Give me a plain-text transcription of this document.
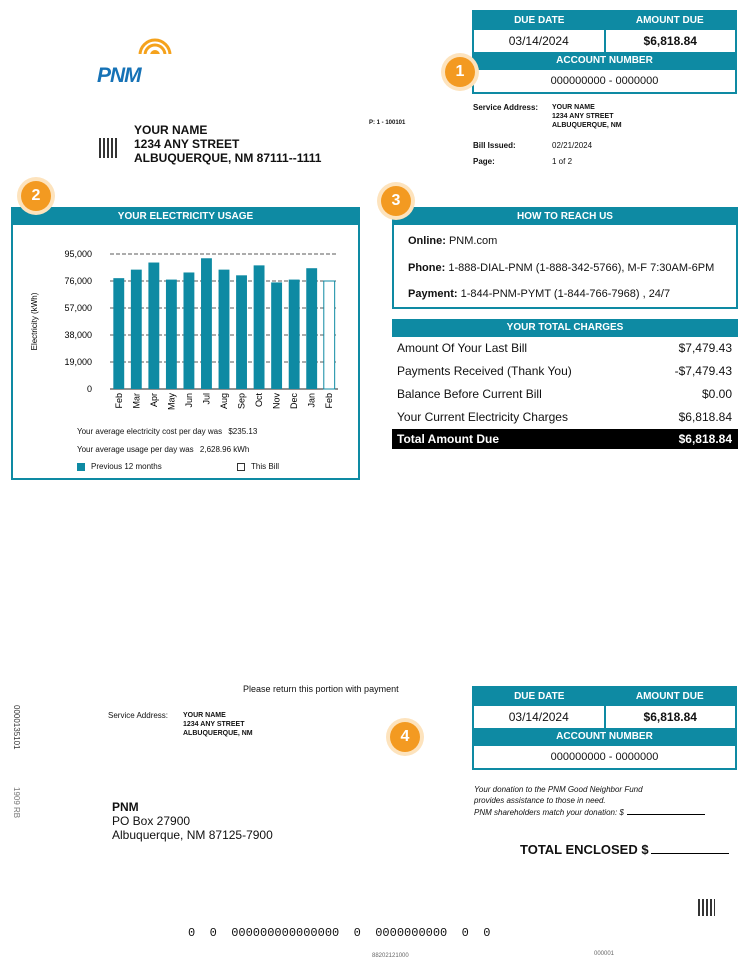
PNM
DUE DATE	AMOUNT DUE
03/14/2024	$6,818.84
ACCOUNT NUMBER
000000000 - 0000000
1
P: 1 - 100101
YOUR NAME
1234 ANY STREET
ALBUQUERQUE, NM 87111--1111
Service Address: YOUR NAME
1234 ANY STREET
ALBUQUERQUE, NM
Bill Issued:	02/21/2024
Page:	1 of 2
YOUR ELECTRICITY USAGE
95,000
76,000
57,000
38,000
19,000
0
Electricity (kWh)
Feb Mar Apr May Jun Jul Aug Sep Oct Nov Dec Jan Feb
Your average electricity cost per day was $235.13
Your average usage per day was 2,628.96 kWh
Previous 12 months	This Bill
2
HOW TO REACH US
Online: PNM.com
Phone: 1-888-DIAL-PNM (1-888-342-5766), M-F 7:30AM-6PM
Payment: 1-844-PNM-PYMT (1-844-766-7968) , 24/7
3
YOUR TOTAL CHARGES
Amount Of Your Last Bill	$7,479.43
Payments Received (Thank You)	-$7,479.43
Balance Before Current Bill	$0.00
Your Current Electricity Charges	$6,818.84
Total Amount Due	$6,818.84
Please return this portion with payment
0000135101
1909 RB
Service Address: YOUR NAME
1234 ANY STREET
ALBUQUERQUE, NM
DUE DATE	AMOUNT DUE
03/14/2024	$6,818.84
ACCOUNT NUMBER
000000000 - 0000000
4
PNM
PO Box 27900
Albuquerque, NM 87125-7900
Your donation to the PNM Good Neighbor Fund
provides assistance to those in need.
PNM shareholders match your donation: $
TOTAL ENCLOSED $
0  0  000000000000000  0  0000000000  0  0
88202121000	000001
